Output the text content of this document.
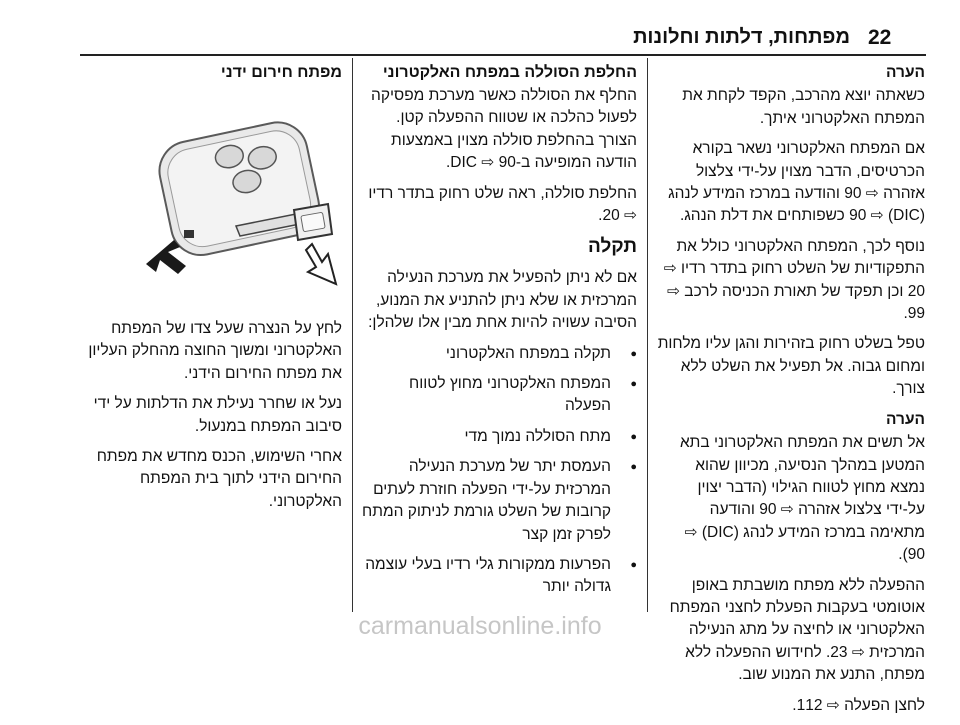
22
מפתחות, דלתות וחלונות

הערה

כשאתה יוצא מהרכב, הקפד לקחת את המפתח האלקטרוני איתך.

אם המפתח האלקטרוני נשאר בקורא הכרטיסים, הדבר מצוין על-ידי צלצול אזהרה ⇨ 90 והודעה במרכז המידע לנהג (DIC) ⇨ 90 כשפותחים את דלת הנהג.

נוסף לכך, המפתח האלקטרוני כולל את התפקודיות של השלט רחוק בתדר רדיו ⇨ 20 וכן תפקד של תאורת הכניסה לרכב ⇨ 99.

טפל בשלט רחוק בזהירות והגן עליו מלחות ומחום גבוה. אל תפעיל את השלט ללא צורך.

הערה

אל תשים את המפתח האלקטרוני בתא המטען במהלך הנסיעה, מכיוון שהוא נמצא מחוץ לטווח הגילוי (הדבר יצוין על-ידי צלצול אזהרה ⇨ 90 והודעה מתאימה במרכז המידע לנהג (DIC) ⇨ 90).

ההפעלה ללא מפתח מושבתת באופן אוטומטי בעקבות הפעלת לחצני המפתח האלקטרוני או לחיצה על מתג הנעילה המרכזית ⇨ 23. לחידוש ההפעלה ללא מפתח, התנע את המנוע שוב.

לחצן הפעלה ⇨ 112.

החלפת הסוללה במפתח האלקטרוני

החלף את הסוללה כאשר מערכת מפסיקה לפעול כהלכה או שטווח ההפעלה קטן. הצורך בהחלפת סוללה מצוין באמצעות הודעה המופיעה ב-DIC ⇨ 90.

החלפת סוללה, ראה שלט רחוק בתדר רדיו ⇨ 20.

תקלה

אם לא ניתן להפעיל את מערכת הנעילה המרכזית או שלא ניתן להתניע את המנוע, הסיבה עשויה להיות אחת מבין אלו שלהלן:

● תקלה במפתח האלקטרוני
● המפתח האלקטרוני מחוץ לטווח הפעלה
● מתח הסוללה נמוך מדי
● העמסת יתר של מערכת הנעילה המרכזית על-ידי הפעלה חוזרת לעתים קרובות של השלט גורמת לניתוק המתח לפרק זמן קצר
● הפרעות ממקורות גלי רדיו בעלי עוצמה גדולה יותר
מפתח חירום ידני

לחץ על הנצרה שעל צדו של המפתח האלקטרוני ומשוך החוצה מהחלק העליון את מפתח החירום הידני.

נעל או שחרר נעילת את הדלתות על ידי סיבוב המפתח במנעול.

אחרי השימוש, הכנס מחדש את מפתח החירום הידני לתוך בית המפתח האלקטרוני.

carmanualsonline.info
